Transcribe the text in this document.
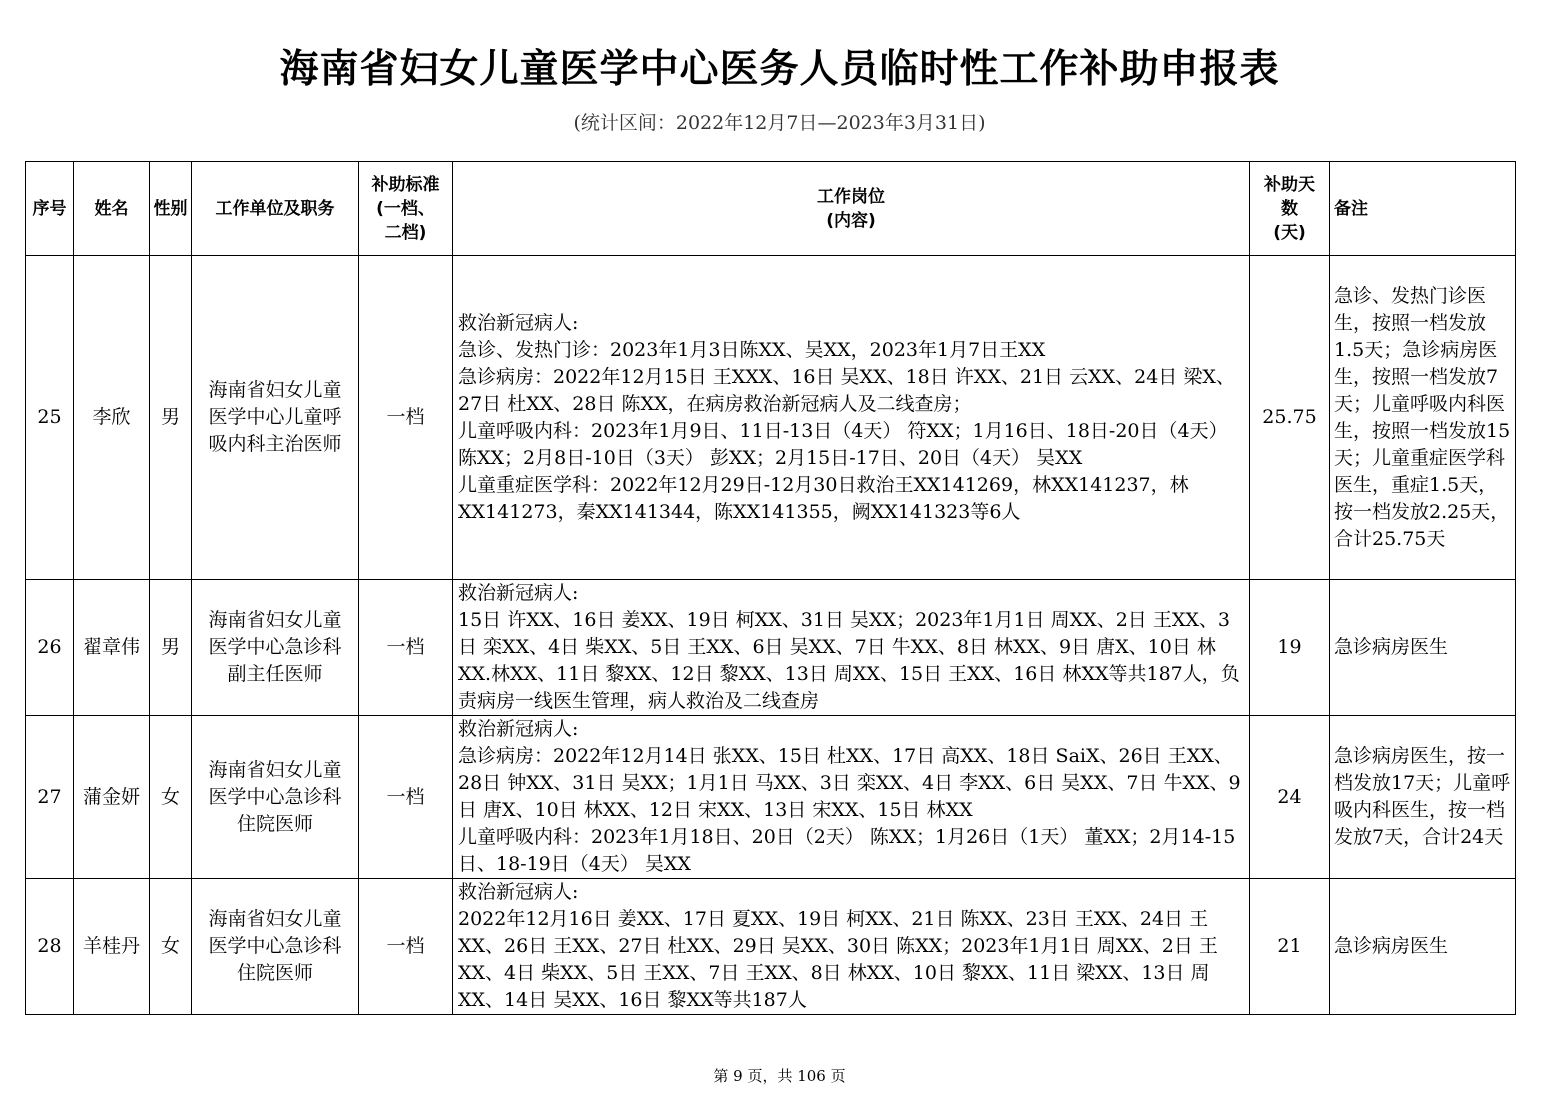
海南省妇女儿童医学中心医务人员临时性工作补助申报表
(统计区间：2022年12月7日—2023年3月31日)
序号	姓名	性别	工作单位及职务	补助标准
(一档、
二档)	工作岗位
(内容)	补助天
数
(天)	备注
25	李欣	男	海南省妇女儿童医学中心儿童呼吸内科主治医师	一档	救治新冠病人:
急诊、发热门诊：2023年1月3日陈XX、吴XX，2023年1月7日王XX
急诊病房：2022年12月15日 王XXX、16日 吴XX、18日 许XX、21日 云XX、24日 梁X、27日 杜XX、28日 陈XX，在病房救治新冠病人及二线查房；
儿童呼吸内科：2023年1月9日、11日-13日（4天） 符XX；1月16日、18日-20日（4天） 陈XX；2月8日-10日（3天） 彭XX；2月15日-17日、20日（4天） 吴XX
儿童重症医学科：2022年12月29日-12月30日救治王XX141269，林XX141237，林XX141273，秦XX141344，陈XX141355，阙XX141323等6人	25.75	急诊、发热门诊医生，按照一档发放1.5天；急诊病房医生，按照一档发放7天；儿童呼吸内科医生，按照一档发放15天；儿童重症医学科医生，重症1.5天，按一档发放2.25天，合计25.75天
26	翟章伟	男	海南省妇女儿童医学中心急诊科副主任医师	一档	救治新冠病人:
15日 许XX、16日 姜XX、19日 柯XX、31日 吴XX；2023年1月1日 周XX、2日 王XX、3日 栾XX、4日 柴XX、5日 王XX、6日 吴XX、7日 牛XX、8日 林XX、9日 唐X、10日 林XX.林XX、11日 黎XX、12日 黎XX、13日 周XX、15日 王XX、16日 林XX等共187人，负责病房一线医生管理，病人救治及二线查房	19	急诊病房医生
27	蒲金妍	女	海南省妇女儿童医学中心急诊科住院医师	一档	救治新冠病人:
急诊病房：2022年12月14日 张XX、15日 杜XX、17日 高XX、18日 SaiX、26日 王XX、28日 钟XX、31日 吴XX；1月1日 马XX、3日 栾XX、4日 李XX、6日 吴XX、7日 牛XX、9日 唐X、10日 林XX、12日 宋XX、13日 宋XX、15日 林XX
儿童呼吸内科：2023年1月18日、20日（2天） 陈XX；1月26日（1天） 董XX；2月14-15日、18-19日（4天） 吴XX	24	急诊病房医生，按一档发放17天；儿童呼吸内科医生，按一档发放7天，合计24天
28	羊桂丹	女	海南省妇女儿童医学中心急诊科住院医师	一档	救治新冠病人:
2022年12月16日 姜XX、17日 夏XX、19日 柯XX、21日 陈XX、23日 王XX、24日 王XX、26日 王XX、27日 杜XX、29日 吴XX、30日 陈XX；2023年1月1日 周XX、2日 王XX、4日 柴XX、5日 王XX、7日 王XX、8日 林XX、10日 黎XX、11日 梁XX、13日 周XX、14日 吴XX、16日 黎XX等共187人	21	急诊病房医生
第 9 页，共 106 页
